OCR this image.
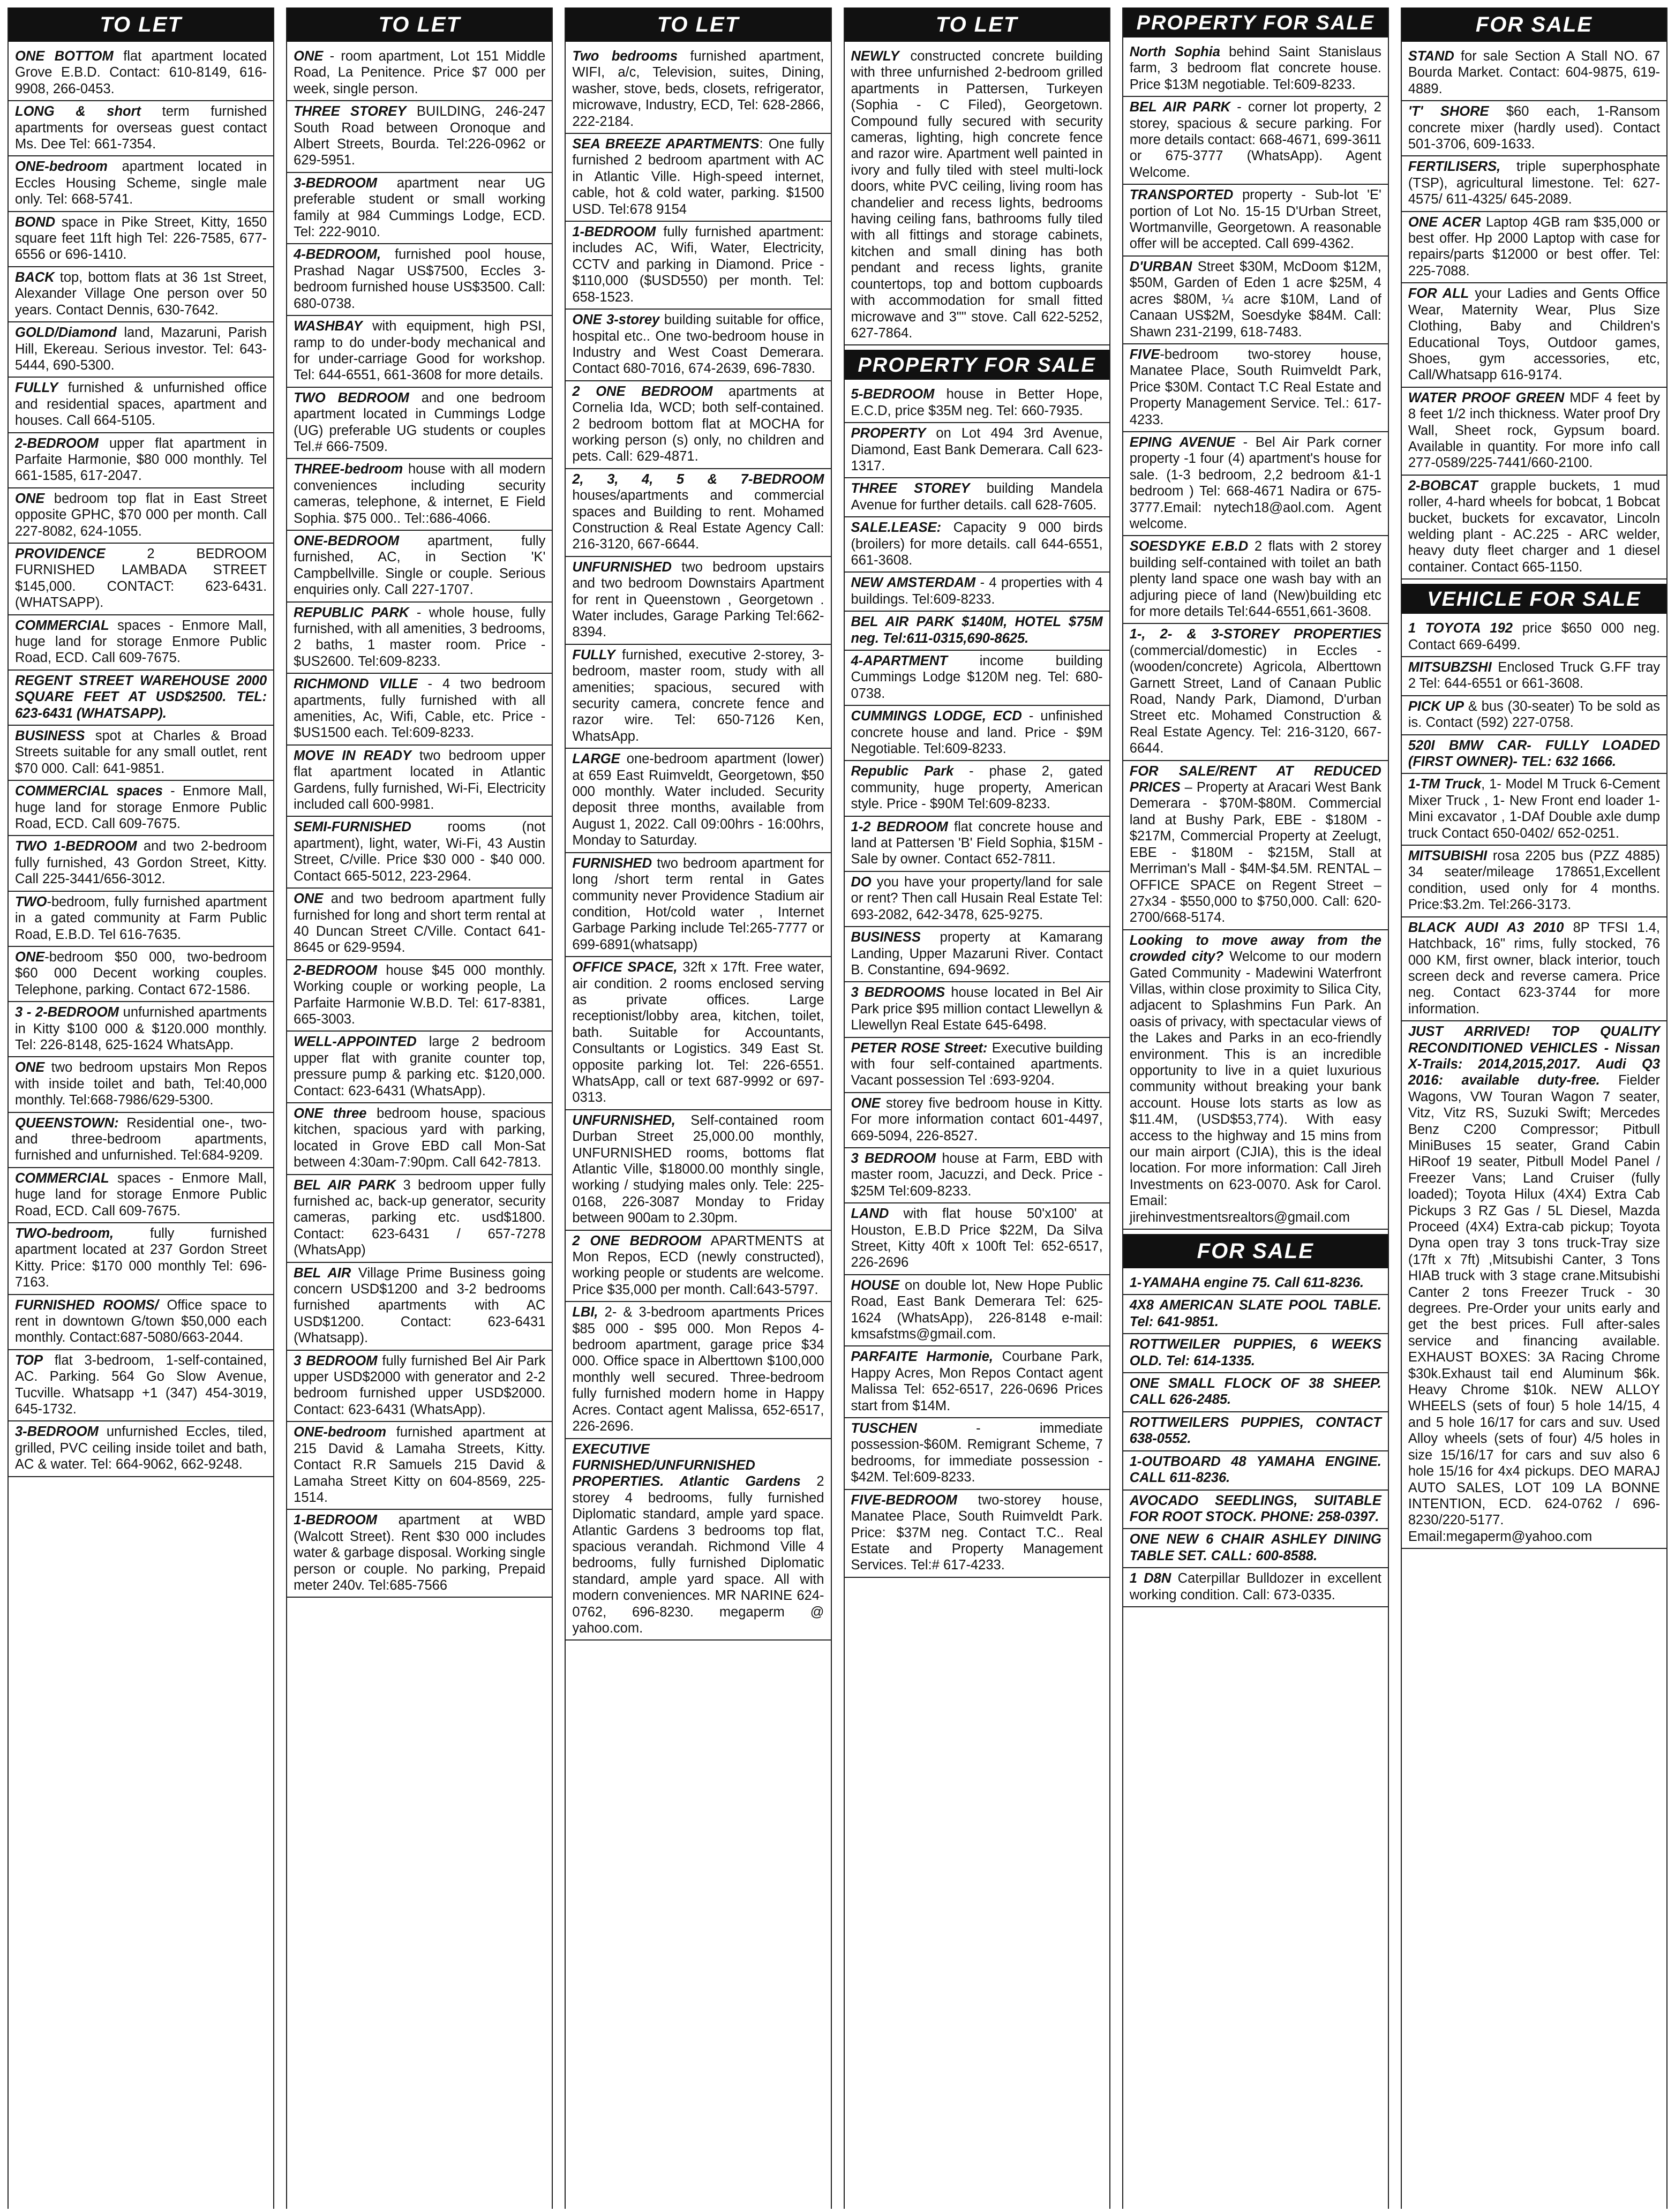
TO LET
ONE BOTTOM flat apartment located Grove E.B.D. Contact: 610-8149, 616-9908, 266-0453.
LONG & short term furnished apartments for overseas guest contact Ms. Dee Tel: 661-7354.
ONE-bedroom apartment located in Eccles Housing Scheme, single male only. Tel: 668-5741.
BOND space in Pike Street, Kitty, 1650 square feet 11ft high Tel: 226-7585, 677-6556 or 696-1410.
BACK top, bottom flats at 36 1st Street, Alexander Village One person over 50 years. Contact Dennis, 630-7642.
GOLD/Diamond land, Mazaruni, Parish Hill, Ekereau. Serious investor. Tel: 643-5444, 690-5300.
FULLY furnished & unfurnished office and residential spaces, apartment and houses. Call 664-5105.
2-BEDROOM upper flat apartment in Parfaite Harmonie, $80 000 monthly. Tel 661-1585, 617-2047.
ONE bedroom top flat in East Street opposite GPHC, $70 000 per month. Call 227-8082, 624-1055.
PROVIDENCE 2 BEDROOM FURNISHED LAMBADA STREET $145,000. CONTACT: 623-6431. (WHATSAPP).
COMMERCIAL spaces - Enmore Mall, huge land for storage Enmore Public Road, ECD. Call 609-7675.
REGENT STREET WAREHOUSE 2000 SQUARE FEET AT USD$2500. TEL: 623-6431 (WHATSAPP).
BUSINESS spot at Charles & Broad Streets suitable for any small outlet, rent $70 000. Call: 641-9851.
COMMERCIAL spaces - Enmore Mall, huge land for storage Enmore Public Road, ECD. Call 609-7675.
TWO 1-BEDROOM and two 2-bedroom fully furnished, 43 Gordon Street, Kitty. Call 225-3441/656-3012.
TWO-bedroom, fully furnished apartment in a gated community at Farm Public Road, E.B.D. Tel 616-7635.
ONE-bedroom $50 000, two-bedroom $60 000 Decent working couples. Telephone, parking. Contact 672-1586.
3 - 2-BEDROOM unfurnished apartments in Kitty $100 000 & $120.000 monthly. Tel: 226-8148, 625-1624 WhatsApp.
ONE two bedroom upstairs Mon Repos with inside toilet and bath, Tel:40,000 monthly. Tel:668-7986/629-5300.
QUEENSTOWN: Residential one-, two- and three-bedroom apartments, furnished and unfurnished. Tel:684-9209.
COMMERCIAL spaces - Enmore Mall, huge land for storage Enmore Public Road, ECD. Call 609-7675.
TWO-bedroom, fully furnished apartment located at 237 Gordon Street Kitty. Price: $170 000 monthly Tel: 696-7163.
FURNISHED ROOMS/ Office space to rent in downtown G/town $50,000 each monthly. Contact:687-5080/663-2044.
TOP flat 3-bedroom, 1-self-contained, AC. Parking. 564 Go Slow Avenue, Tucville. Whatsapp +1 (347) 454-3019, 645-1732.
3-BEDROOM unfurnished Eccles, tiled, grilled, PVC ceiling inside toilet and bath, AC & water. Tel: 664-9062, 662-9248.
TO LET
ONE - room apartment, Lot 151 Middle Road, La Penitence. Price $7 000 per week, single person.
THREE STOREY BUILDING, 246-247 South Road between Oronoque and Albert Streets, Bourda. Tel:226-0962 or 629-5951.
3-BEDROOM apartment near UG preferable student or small working family at 984 Cummings Lodge, ECD. Tel: 222-9010.
4-BEDROOM, furnished pool house, Prashad Nagar US$7500, Eccles 3-bedroom furnished house US$3500. Call: 680-0738.
WASHBAY with equipment, high PSI, ramp to do under-body mechanical and for under-carriage Good for workshop. Tel: 644-6551, 661-3608 for more details.
TWO BEDROOM and one bedroom apartment located in Cummings Lodge (UG) preferable UG students or couples Tel.# 666-7509.
THREE-bedroom house with all modern conveniences including security cameras, telephone, & internet, E Field Sophia. $75 000.. Tel::686-4066.
ONE-BEDROOM apartment, fully furnished, AC, in Section 'K' Campbellville. Single or couple. Serious enquiries only. Call 227-1707.
REPUBLIC PARK - whole house, fully furnished, with all amenities, 3 bedrooms, 2 baths, 1 master room. Price - $US2600. Tel:609-8233.
RICHMOND VILLE - 4 two bedroom apartments, fully furnished with all amenities, Ac, Wifi, Cable, etc. Price - $US1500 each. Tel:609-8233.
MOVE IN READY two bedroom upper flat apartment located in Atlantic Gardens, fully furnished, Wi-Fi, Electricity included call 600-9981.
SEMI-FURNISHED rooms (not apartment), light, water, Wi-Fi, 43 Austin Street, C/ville. Price $30 000 - $40 000. Contact 665-5012, 223-2964.
ONE and two bedroom apartment fully furnished for long and short term rental at 40 Duncan Street C/Ville. Contact 641-8645 or 629-9594.
2-BEDROOM house $45 000 monthly. Working couple or working people, La Parfaite Harmonie W.B.D. Tel: 617-8381, 665-3003.
WELL-APPOINTED large 2 bedroom upper flat with granite counter top, pressure pump & parking etc. $120,000. Contact: 623-6431 (WhatsApp).
ONE three bedroom house, spacious kitchen, spacious yard with parking, located in Grove EBD call Mon-Sat between 4:30am-7:90pm. Call 642-7813.
BEL AIR PARK 3 bedroom upper fully furnished ac, back-up generator, security cameras, parking etc. usd$1800. Contact: 623-6431 / 657-7278 (WhatsApp)
BEL AIR Village Prime Business going concern USD$1200 and 3-2 bedrooms furnished apartments with AC USD$1200. Contact: 623-6431 (Whatsapp).
3 BEDROOM fully furnished Bel Air Park upper USD$2000 with generator and 2-2 bedroom furnished upper USD$2000. Contact: 623-6431 (WhatsApp).
ONE-bedroom furnished apartment at 215 David & Lamaha Streets, Kitty. Contact R.R Samuels 215 David & Lamaha Street Kitty on 604-8569, 225-1514.
1-BEDROOM apartment at WBD (Walcott Street). Rent $30 000 includes water & garbage disposal. Working single person or couple. No parking, Prepaid meter 240v. Tel:685-7566
TO LET
Two bedrooms furnished apartment, WIFI, a/c, Television, suites, Dining, washer, stove, beds, closets, refrigerator, microwave, Industry, ECD, Tel: 628-2866, 222-2184.
SEA BREEZE APARTMENTS: One fully furnished 2 bedroom apartment with AC in Atlantic Ville. High-speed internet, cable, hot & cold water, parking. $1500 USD. Tel:678 9154
1-BEDROOM fully furnished apartment: includes AC, Wifi, Water, Electricity, CCTV and parking in Diamond. Price - $110,000 ($USD550) per month. Tel: 658-1523.
ONE 3-storey building suitable for office, hospital etc.. One two-bedroom house in Industry and West Coast Demerara. Contact 680-7016, 674-2639, 696-7830.
2 ONE BEDROOM apartments at Cornelia Ida, WCD; both self-contained. 2 bedroom bottom flat at MOCHA for working person (s) only, no children and pets. Call: 629-4871.
2, 3, 4, 5 & 7-BEDROOM houses/apartments and commercial spaces and Building to rent. Mohamed Construction & Real Estate Agency Call: 216-3120, 667-6644.
UNFURNISHED two bedroom upstairs and two bedroom Downstairs Apartment for rent in Queenstown , Georgetown . Water includes, Garage Parking Tel:662-8394.
FULLY furnished, executive 2-storey, 3-bedroom, master room, study with all amenities; spacious, secured with security camera, concrete fence and razor wire. Tel: 650-7126 Ken, WhatsApp.
LARGE one-bedroom apartment (lower) at 659 East Ruimveldt, Georgetown, $50 000 monthly. Water included. Security deposit three months, available from August 1, 2022. Call 09:00hrs - 16:00hrs, Monday to Saturday.
FURNISHED two bedroom apartment for long /short term rental in Gates community never Providence Stadium air condition, Hot/cold water , Internet Garbage Parking include Tel:265-7777 or 699-6891(whatsapp)
OFFICE SPACE, 32ft x 17ft. Free water, air condition. 2 rooms enclosed serving as private offices. Large receptionist/lobby area, kitchen, toilet, bath. Suitable for Accountants, Consultants or Logistics. 349 East St. opposite parking lot. Tel: 226-6551. WhatsApp, call or text 687-9992 or 697-0313.
UNFURNISHED, Self-contained room Durban Street 25,000.00 monthly, UNFURNISHED rooms, bottoms flat Atlantic Ville, $18000.00 monthly single, working / studying males only. Tele: 225-0168, 226-3087 Monday to Friday between 900am to 2.30pm.
2 ONE BEDROOM APARTMENTS at Mon Repos, ECD (newly constructed), working people or students are welcome. Price $35,000 per month. Call:643-5797.
LBI, 2- & 3-bedroom apartments Prices $85 000 - $95 000. Mon Repos 4-bedroom apartment, garage price $34 000. Office space in Alberttown $100,000 monthly well secured. Three-bedroom fully furnished modern home in Happy Acres. Contact agent Malissa, 652-6517, 226-2696.
EXECUTIVE FURNISHED/UNFURNISHED PROPERTIES. Atlantic Gardens 2 storey 4 bedrooms, fully furnished Diplomatic standard, ample yard space. Atlantic Gardens 3 bedrooms top flat, spacious verandah. Richmond Ville 4 bedrooms, fully furnished Diplomatic standard, ample yard space. All with modern conveniences. MR NARINE 624-0762, 696-8230. megaperm @ yahoo.com.
TO LET
NEWLY constructed concrete building with three unfurnished 2-bedroom grilled apartments in Pattersen, Turkeyen (Sophia - C Filed), Georgetown. Compound fully secured with security cameras, lighting, high concrete fence and razor wire. Apartment well painted in ivory and fully tiled with steel multi-lock doors, white PVC ceiling, living room has chandelier and recess lights, bedrooms having ceiling fans, bathrooms fully tiled with all fittings and storage cabinets, kitchen and small dining has both pendant and recess lights, granite countertops, top and bottom cupboards with accommodation for small fitted microwave and 3"" stove. Call 622-5252, 627-7864.
PROPERTY FOR SALE
5-BEDROOM house in Better Hope, E.C.D, price $35M neg. Tel: 660-7935.
PROPERTY on Lot 494 3rd Avenue, Diamond, East Bank Demerara. Call 623-1317.
THREE STOREY building Mandela Avenue for further details. call 628-7605.
SALE.LEASE: Capacity 9 000 birds (broilers) for more details. call 644-6551, 661-3608.
NEW AMSTERDAM - 4 properties with 4 buildings. Tel:609-8233.
BEL AIR PARK $140M, HOTEL $75M neg. Tel:611-0315,690-8625.
4-APARTMENT income building Cummings Lodge $120M neg. Tel: 680-0738.
CUMMINGS LODGE, ECD - unfinished concrete house and land. Price - $9M Negotiable. Tel:609-8233.
Republic Park - phase 2, gated community, huge property, American style. Price - $90M Tel:609-8233.
1-2 BEDROOM flat concrete house and land at Pattersen 'B' Field Sophia, $15M - Sale by owner. Contact 652-7811.
DO you have your property/land for sale or rent? Then call Husain Real Estate Tel: 693-2082, 642-3478, 625-9275.
BUSINESS property at Kamarang Landing, Upper Mazaruni River. Contact B. Constantine, 694-9692.
3 BEDROOMS house located in Bel Air Park price $95 million contact Llewellyn & Llewellyn Real Estate 645-6498.
PETER ROSE Street: Executive building with four self-contained apartments. Vacant possession Tel :693-9204.
ONE storey five bedroom house in Kitty. For more information contact 601-4497, 669-5094, 226-8527.
3 BEDROOM house at Farm, EBD with master room, Jacuzzi, and Deck. Price - $25M Tel:609-8233.
LAND with flat house 50'x100' at Houston, E.B.D Price $22M, Da Silva Street, Kitty 40ft x 100ft Tel: 652-6517, 226-2696
HOUSE on double lot, New Hope Public Road, East Bank Demerara Tel: 625-1624 (WhatsApp), 226-8148 e-mail: kmsafstms@gmail.com.
PARFAITE Harmonie, Courbane Park, Happy Acres, Mon Repos Contact agent Malissa Tel: 652-6517, 226-0696 Prices start from $14M.
TUSCHEN - immediate possession-$60M. Remigrant Scheme, 7 bedrooms, for immediate possession - $42M. Tel:609-8233.
FIVE-BEDROOM two-storey house, Manatee Place, South Ruimveldt Park. Price: $37M neg. Contact T.C.. Real Estate and Property Management Services. Tel:# 617-4233.
PROPERTY FOR SALE
North Sophia behind Saint Stanislaus farm, 3 bedroom flat concrete house. Price $13M negotiable. Tel:609-8233.
BEL AIR PARK - corner lot property, 2 storey, spacious & secure parking. For more details contact: 668-4671, 699-3611 or 675-3777 (WhatsApp). Agent Welcome.
TRANSPORTED property - Sub-lot 'E' portion of Lot No. 15-15 D'Urban Street, Wortmanville, Georgetown. A reasonable offer will be accepted. Call 699-4362.
D'URBAN Street $30M, McDoom $12M, $50M, Garden of Eden 1 acre $25M, 4 acres $80M, ¼ acre $10M, Land of Canaan US$2M, Soesdyke $84M. Call: Shawn 231-2199, 618-7483.
FIVE-bedroom two-storey house, Manatee Place, South Ruimveldt Park, Price $30M. Contact T.C Real Estate and Property Management Service. Tel.: 617-4233.
EPING AVENUE - Bel Air Park corner property -1 four (4) apartment's house for sale. (1-3 bedroom, 2,2 bedroom &1-1 bedroom ) Tel: 668-4671 Nadira or 675-3777.Email: nytech18@aol.com. Agent welcome.
SOESDYKE E.B.D 2 flats with 2 storey building self-contained with toilet an bath plenty land space one wash bay with an adjuring piece of land (New)building etc for more details Tel:644-6551,661-3608.
1-, 2- & 3-STOREY PROPERTIES (commercial/domestic) in Eccles - (wooden/concrete) Agricola, Alberttown Garnett Street, Land of Canaan Public Road, Nandy Park, Diamond, D'urban Street etc. Mohamed Construction & Real Estate Agency. Tel: 216-3120, 667-6644.
FOR SALE/RENT AT REDUCED PRICES – Property at Aracari West Bank Demerara - $70M-$80M. Commercial land at Bushy Park, EBE - $180M - $217M, Commercial Property at Zeelugt, EBE - $180M - $215M, Stall at Merriman's Mall - $4M-$4.5M. RENTAL – OFFICE SPACE on Regent Street – 27x34 - $550,000 to $750,000. Call: 620-2700/668-5174.
Looking to move away from the crowded city? Welcome to our modern Gated Community - Madewini Waterfront Villas, within close proximity to Silica City, adjacent to Splashmins Fun Park. An oasis of privacy, with spectacular views of the Lakes and Parks in an eco-friendly environment. This is an incredible opportunity to live in a quiet luxurious community without breaking your bank account. House lots starts as low as $11.4M, (USD$53,774). With easy access to the highway and 15 mins from our main airport (CJIA), this is the ideal location. For more information: Call Jireh Investments on 623-0070. Ask for Carol. Email: jirehinvestmentsrealtors@gmail.com
FOR SALE
1-YAMAHA engine 75. Call 611-8236.
4X8 AMERICAN SLATE POOL TABLE. Tel: 641-9851.
ROTTWEILER PUPPIES, 6 WEEKS OLD. Tel: 614-1335.
ONE SMALL FLOCK OF 38 SHEEP. CALL 626-2485.
ROTTWEILERS PUPPIES, CONTACT 638-0552.
1-OUTBOARD 48 YAMAHA ENGINE. CALL 611-8236.
AVOCADO SEEDLINGS, SUITABLE FOR ROOT STOCK. PHONE: 258-0397.
ONE NEW 6 CHAIR ASHLEY DINING TABLE SET. CALL: 600-8588.
1 D8N Caterpillar Bulldozer in excellent working condition. Call: 673-0335.
FOR SALE
STAND for sale Section A Stall NO. 67 Bourda Market. Contact: 604-9875, 619-4889.
'T' SHORE $60 each, 1-Ransom concrete mixer (hardly used). Contact 501-3706, 609-1633.
FERTILISERS, triple superphosphate (TSP), agricultural limestone. Tel: 627-4575/ 611-4325/ 645-2089.
ONE ACER Laptop 4GB ram $35,000 or best offer. Hp 2000 Laptop with case for repairs/parts $12000 or best offer. Tel: 225-7088.
FOR ALL your Ladies and Gents Office Wear, Maternity Wear, Plus Size Clothing, Baby and Children's Educational Toys, Outdoor games, Shoes, gym accessories, etc, Call/Whatsapp 616-9174.
WATER PROOF GREEN MDF 4 feet by 8 feet 1/2 inch thickness. Water proof Dry Wall, Sheet rock, Gypsum board. Available in quantity. For more info call 277-0589/225-7441/660-2100.
2-BOBCAT grapple buckets, 1 mud roller, 4-hard wheels for bobcat, 1 Bobcat bucket, buckets for excavator, Lincoln welding plant - AC.225 - ARC welder, heavy duty fleet charger and 1 diesel container. Contact 665-1150.
VEHICLE FOR SALE
1 TOYOTA 192 price $650 000 neg. Contact 669-6499.
MITSUBZSHI Enclosed Truck G.FF tray 2 Tel: 644-6551 or 661-3608.
PICK UP & bus (30-seater) To be sold as is. Contact (592) 227-0758.
520I BMW CAR- FULLY LOADED (FIRST OWNER)- TEL: 632 1666.
1-TM Truck, 1- Model M Truck 6-Cement Mixer Truck , 1- New Front end loader 1-Mini excavator , 1-DAf Double axle dump truck Contact 650-0402/ 652-0251.
MITSUBISHI rosa 2205 bus (PZZ 4885) 34 seater/mileage 178651,Excellent condition, used only for 4 months. Price:$3.2m. Tel:266-3173.
BLACK AUDI A3 2010 8P TFSI 1.4, Hatchback, 16" rims, fully stocked, 76 000 KM, first owner, black interior, touch screen deck and reverse camera. Price neg. Contact 623-3744 for more information.
JUST ARRIVED! TOP QUALITY RECONDITIONED VEHICLES - Nissan X-Trails: 2014,2015,2017. Audi Q3 2016: available duty-free. Fielder Wagons, VW Touran Wagon 7 seater, Vitz, Vitz RS, Suzuki Swift; Mercedes Benz C200 Compressor; Pitbull MiniBuses 15 seater, Grand Cabin HiRoof 19 seater, Pitbull Model Panel / Freezer Vans; Land Cruiser (fully loaded); Toyota Hilux (4X4) Extra Cab Pickups 3 RZ Gas / 5L Diesel, Mazda Proceed (4X4) Extra-cab pickup; Toyota Dyna open tray 3 tons truck-Tray size (17ft x 7ft) ,Mitsubishi Canter, 3 Tons HIAB truck with 3 stage crane.Mitsubishi Canter 2 tons Freezer Truck - 30 degrees. Pre-Order your units early and get the best prices. Full after-sales service and financing available. EXHAUST BOXES: 3A Racing Chrome $30k.Exhaust tail end Aluminum $6k. Heavy Chrome $10k. NEW ALLOY WHEELS (sets of four) 5 hole 14/15, 4 and 5 hole 16/17 for cars and suv. Used Alloy wheels (sets of four) 4/5 holes in size 15/16/17 for cars and suv also 6 hole 15/16 for 4x4 pickups. DEO MARAJ AUTO SALES, LOT 109 LA BONNE INTENTION, ECD. 624-0762 / 696-8230/220-5177. Email:megaperm@yahoo.com
